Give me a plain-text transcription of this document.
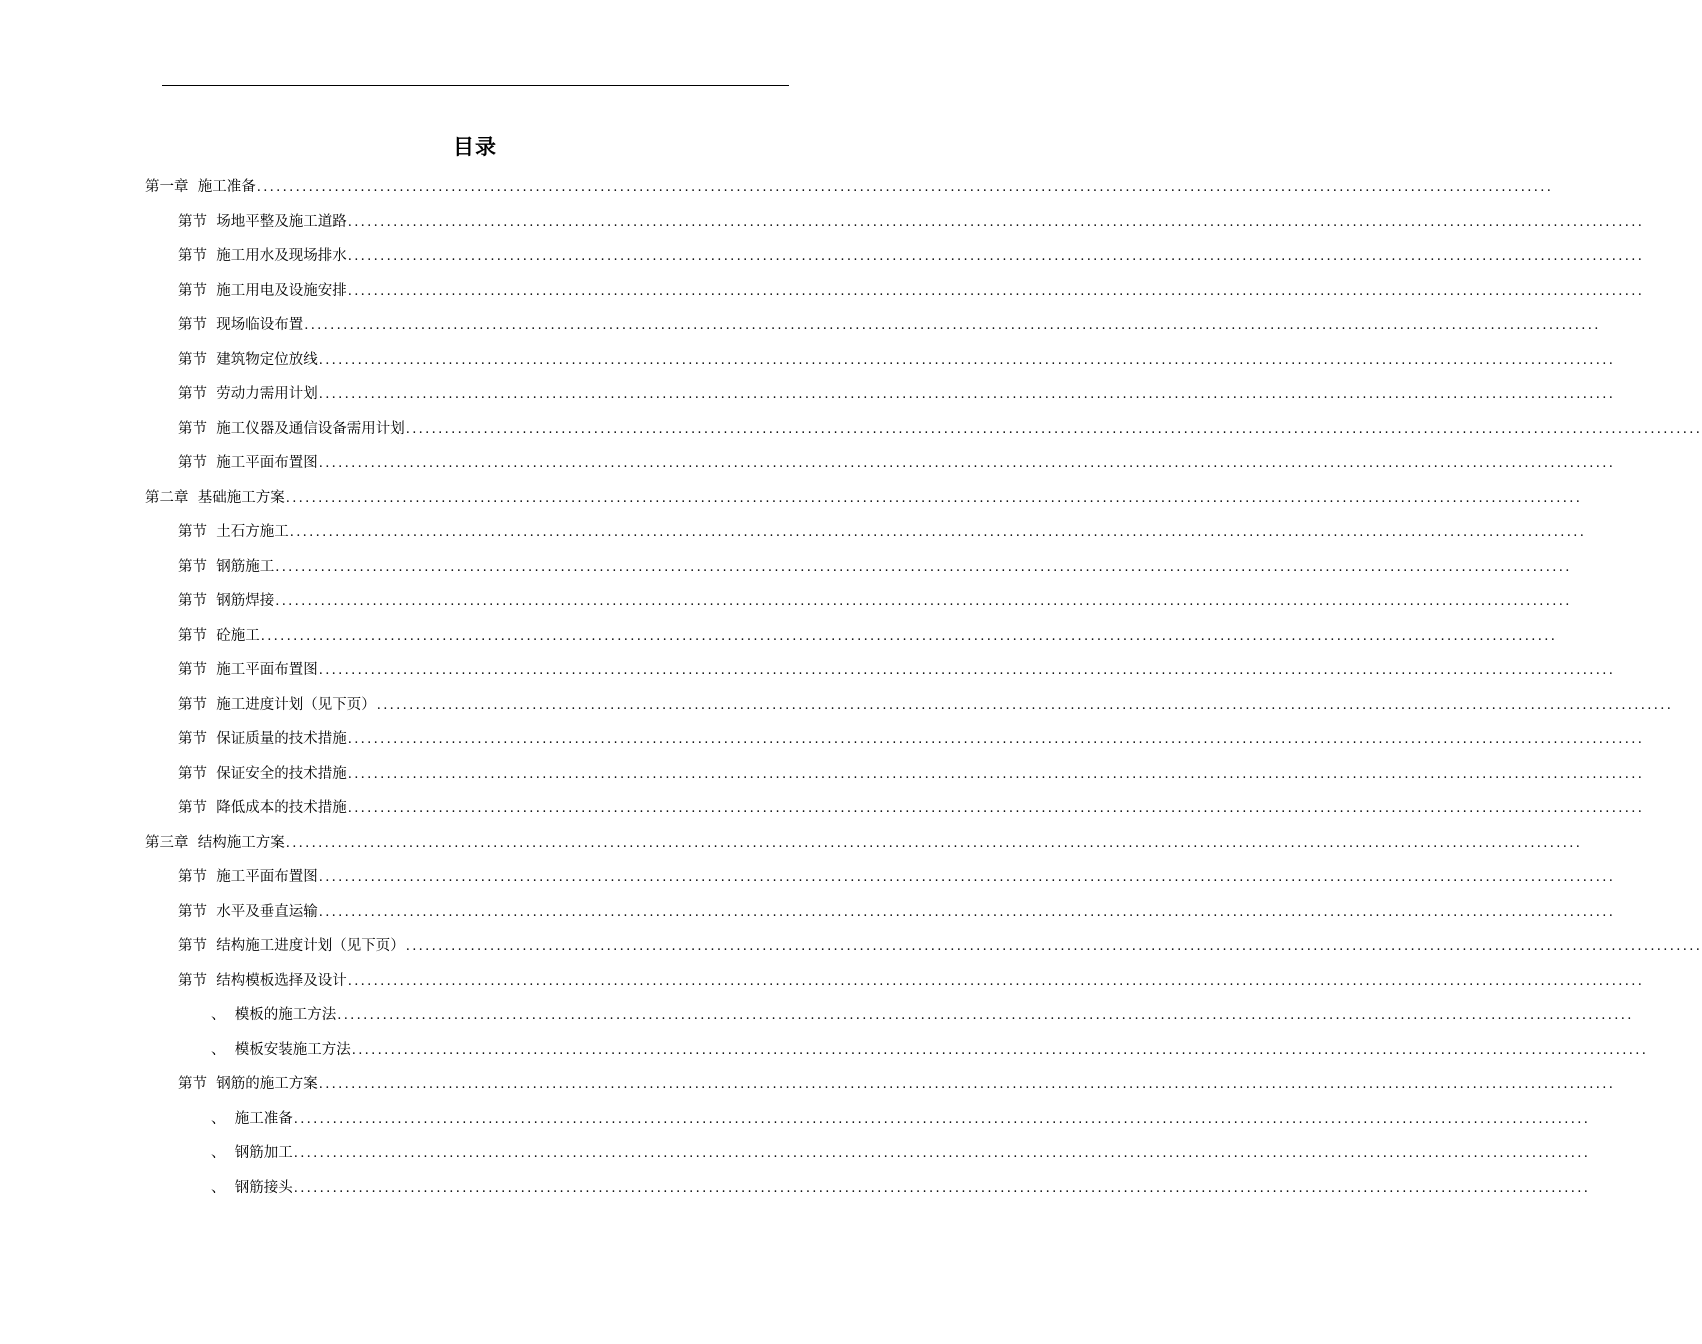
目录
第一章 施工准备 ........................................................................................................................................................................................................
第节 场地平整及施工道路 ........................................................................................................................................................................................................
第节 施工用水及现场排水 ........................................................................................................................................................................................................
第节 施工用电及设施安排 ........................................................................................................................................................................................................
第节 现场临设布置 ........................................................................................................................................................................................................
第节 建筑物定位放线 ........................................................................................................................................................................................................
第节 劳动力需用计划 ........................................................................................................................................................................................................
第节 施工仪器及通信设备需用计划 ........................................................................................................................................................................................................
第节 施工平面布置图 ........................................................................................................................................................................................................
第二章 基础施工方案 ........................................................................................................................................................................................................
第节 土石方施工 ........................................................................................................................................................................................................
第节 钢筋施工 ........................................................................................................................................................................................................
第节 钢筋焊接 ........................................................................................................................................................................................................
第节 砼施工 ........................................................................................................................................................................................................
第节 施工平面布置图 ........................................................................................................................................................................................................
第节 施工进度计划（见下页） ........................................................................................................................................................................................................
第节 保证质量的技术措施 ........................................................................................................................................................................................................
第节 保证安全的技术措施 ........................................................................................................................................................................................................
第节 降低成本的技术措施 ........................................................................................................................................................................................................
第三章 结构施工方案 ........................................................................................................................................................................................................
第节 施工平面布置图 ........................................................................................................................................................................................................
第节 水平及垂直运输 ........................................................................................................................................................................................................
第节 结构施工进度计划（见下页） ........................................................................................................................................................................................................
第节 结构模板选择及设计 ........................................................................................................................................................................................................
、 模板的施工方法 ........................................................................................................................................................................................................
、 模板安装施工方法 ........................................................................................................................................................................................................
第节 钢筋的施工方案 ........................................................................................................................................................................................................
、 施工准备 ........................................................................................................................................................................................................
、 钢筋加工 ........................................................................................................................................................................................................
、 钢筋接头 ........................................................................................................................................................................................................
